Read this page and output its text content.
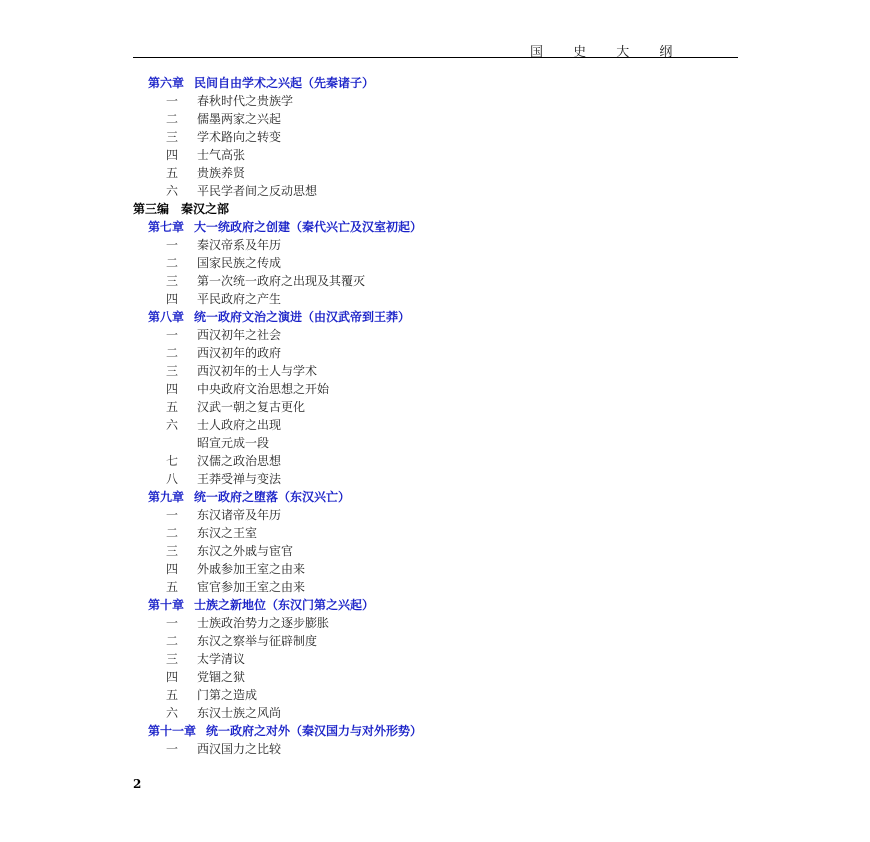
国 史 大 纲
第六章 民间自由学术之兴起（先秦诸子）
一 春秋时代之贵族学
二 儒墨两家之兴起
三 学术路向之转变
四 士气高张
五 贵族养贤
六 平民学者间之反动思想
第三编 秦汉之部
第七章 大一统政府之创建（秦代兴亡及汉室初起）
一 秦汉帝系及年历
二 国家民族之传成
三 第一次统一政府之出现及其覆灭
四 平民政府之产生
第八章 统一政府文治之演进（由汉武帝到王莽）
一 西汉初年之社会
二 西汉初年的政府
三 西汉初年的士人与学术
四 中央政府文治思想之开始
五 汉武一朝之复古更化
六 士人政府之出现
昭宣元成一段
七 汉儒之政治思想
八 王莽受禅与变法
第九章 统一政府之堕落（东汉兴亡）
一 东汉诸帝及年历
二 东汉之王室
三 东汉之外戚与宦官
四 外戚参加王室之由来
五 宦官参加王室之由来
第十章 士族之新地位（东汉门第之兴起）
一 士族政治势力之逐步膨胀
二 东汉之察举与征辟制度
三 太学清议
四 党锢之狱
五 门第之造成
六 东汉士族之风尚
第十一章 统一政府之对外（秦汉国力与对外形势）
一 西汉国力之比较
2
